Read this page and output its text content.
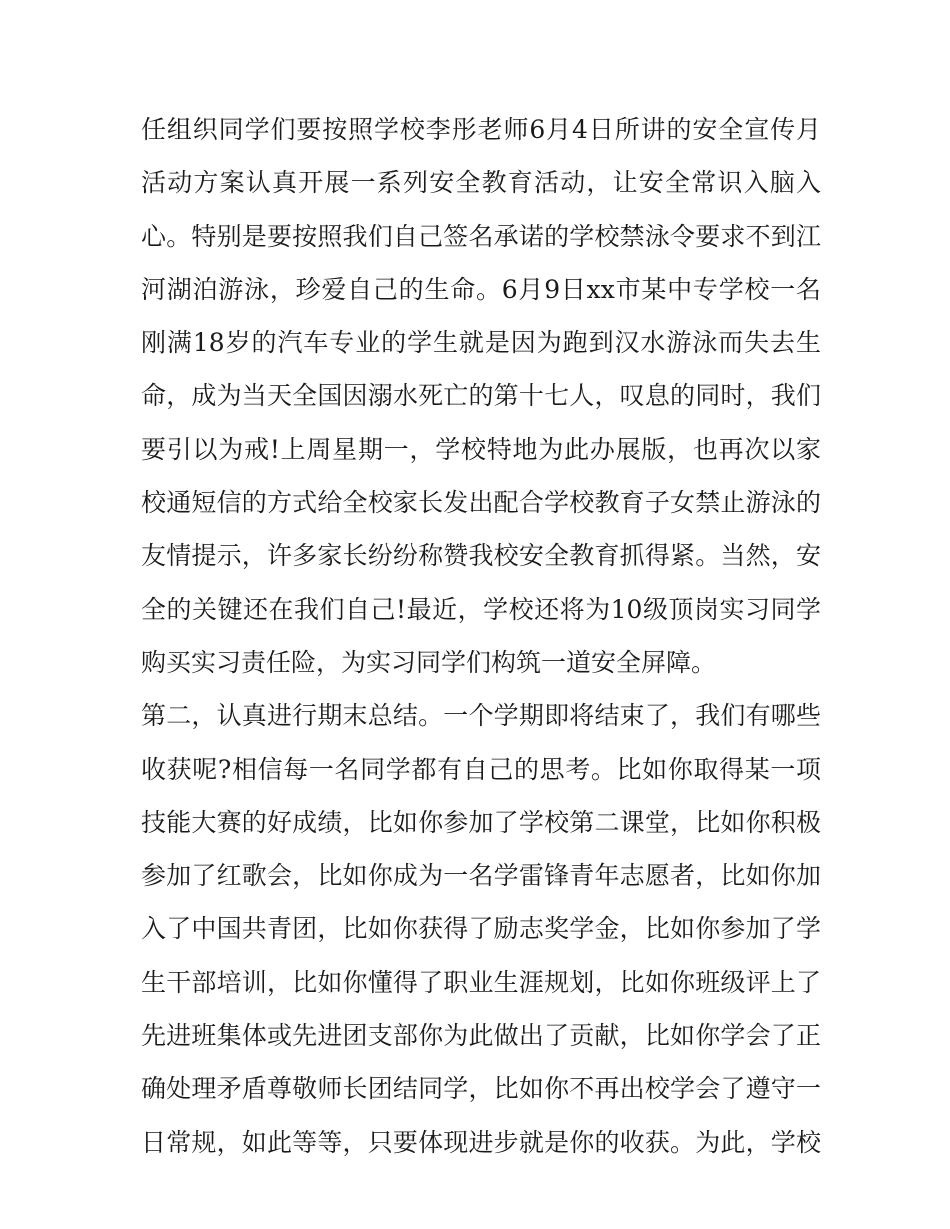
任组织同学们要按照学校李彤老师6月4日所讲的安全宣传月
活动方案认真开展一系列安全教育活动，让安全常识入脑入
心。特别是要按照我们自己签名承诺的学校禁泳令要求不到江
河湖泊游泳，珍爱自己的生命。6月9日xx市某中专学校一名
刚满18岁的汽车专业的学生就是因为跑到汉水游泳而失去生
命，成为当天全国因溺水死亡的第十七人，叹息的同时，我们
要引以为戒!上周星期一，学校特地为此办展版，也再次以家
校通短信的方式给全校家长发出配合学校教育子女禁止游泳的
友情提示，许多家长纷纷称赞我校安全教育抓得紧。当然，安
全的关键还在我们自己!最近，学校还将为10级顶岗实习同学
购买实习责任险，为实习同学们构筑一道安全屏障。
第二，认真进行期末总结。一个学期即将结束了，我们有哪些
收获呢?相信每一名同学都有自己的思考。比如你取得某一项
技能大赛的好成绩，比如你参加了学校第二课堂，比如你积极
参加了红歌会，比如你成为一名学雷锋青年志愿者，比如你加
入了中国共青团，比如你获得了励志奖学金，比如你参加了学
生干部培训，比如你懂得了职业生涯规划，比如你班级评上了
先进班集体或先进团支部你为此做出了贡献，比如你学会了正
确处理矛盾尊敬师长团结同学，比如你不再出校学会了遵守一
日常规，如此等等，只要体现进步就是你的收获。为此，学校
